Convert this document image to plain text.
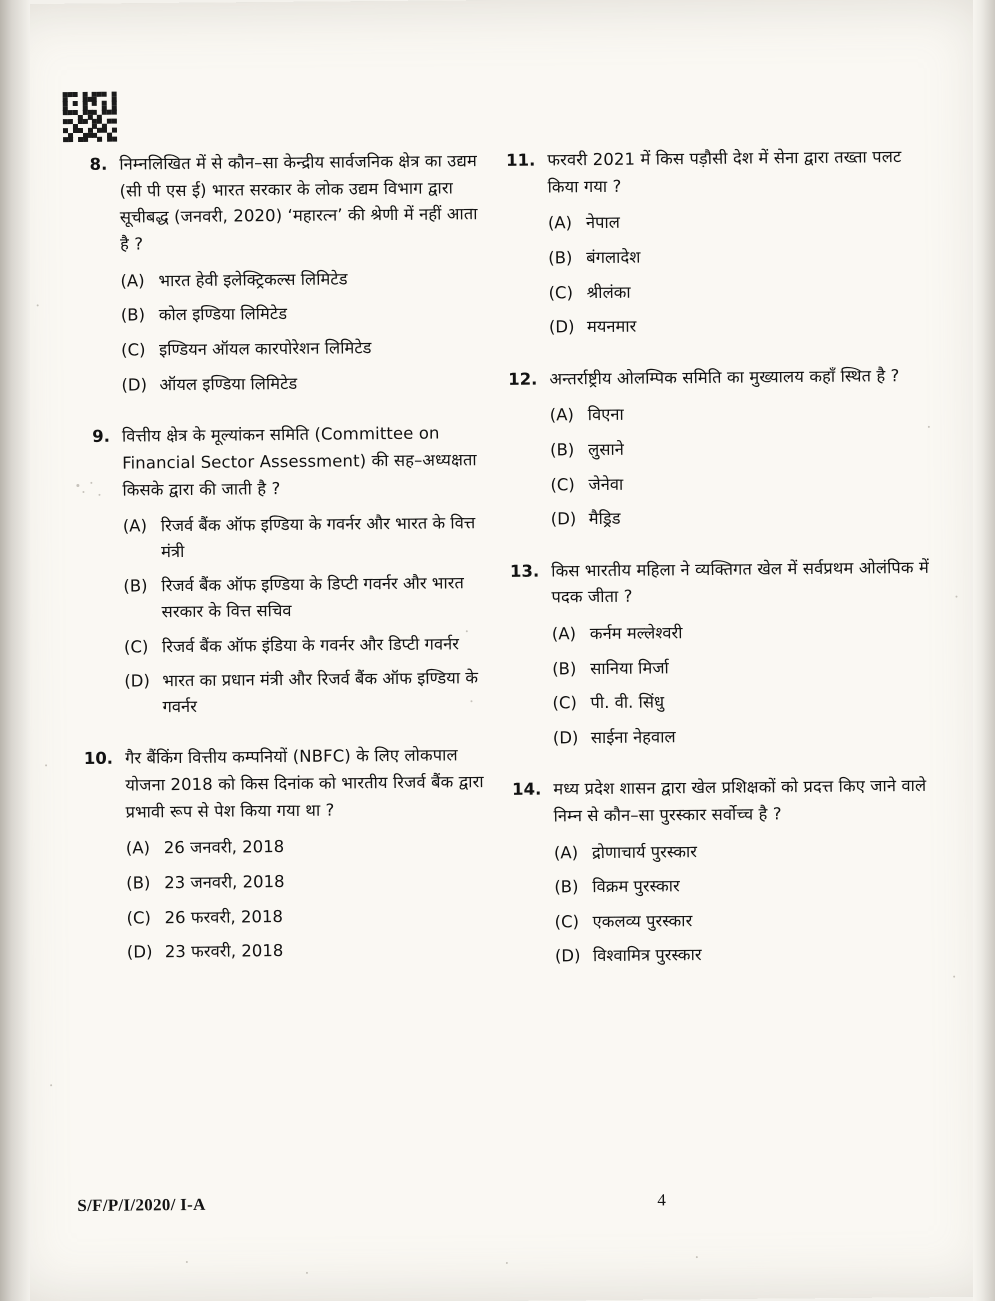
8. निम्नलिखित में से कौन–सा केन्द्रीय सार्वजनिक क्षेत्र का उद्यम (सी पी एस ई) भारत सरकार के लोक उद्यम विभाग द्वारा सूचीबद्ध (जनवरी, 2020) ‘महारत्न’ की श्रेणी में नहीं आता है ?
(A) भारत हेवी इलेक्ट्रिकल्स लिमिटेड
(B) कोल इण्डिया लिमिटेड
(C) इण्डियन ऑयल कारपोरेशन लिमिटेड
(D) ऑयल इण्डिया लिमिटेड
9. वित्तीय क्षेत्र के मूल्यांकन समिति (Committee on Financial Sector Assessment) की सह–अध्यक्षता किसके द्वारा की जाती है ?
(A) रिजर्व बैंक ऑफ इण्डिया के गवर्नर और भारत के वित्त मंत्री
(B) रिजर्व बैंक ऑफ इण्डिया के डिप्टी गवर्नर और भारत सरकार के वित्त सचिव
(C) रिजर्व बैंक ऑफ इंडिया के गवर्नर और डिप्टी गवर्नर
(D) भारत का प्रधान मंत्री और रिजर्व बैंक ऑफ इण्डिया के गवर्नर
10. गैर बैंकिंग वित्तीय कम्पनियों (NBFC) के लिए लोकपाल योजना 2018 को किस दिनांक को भारतीय रिजर्व बैंक द्वारा प्रभावी रूप से पेश किया गया था ?
(A) 26 जनवरी, 2018
(B) 23 जनवरी, 2018
(C) 26 फरवरी, 2018
(D) 23 फरवरी, 2018
11. फरवरी 2021 में किस पड़ौसी देश में सेना द्वारा तख्ता पलट किया गया ?
(A) नेपाल
(B) बंगलादेश
(C) श्रीलंका
(D) मयनमार
12. अन्तर्राष्ट्रीय ओलम्पिक समिति का मुख्यालय कहाँ स्थित है ?
(A) विएना
(B) लुसाने
(C) जेनेवा
(D) मैड्रिड
13. किस भारतीय महिला ने व्यक्तिगत खेल में सर्वप्रथम ओलंपिक में पदक जीता ?
(A) कर्नम मल्लेश्वरी
(B) सानिया मिर्जा
(C) पी. वी. सिंधु
(D) साईना नेहवाल
14. मध्य प्रदेश शासन द्वारा खेल प्रशिक्षकों को प्रदत्त किए जाने वाले निम्न से कौन–सा पुरस्कार सर्वोच्च है ?
(A) द्रोणाचार्य पुरस्कार
(B) विक्रम पुरस्कार
(C) एकलव्य पुरस्कार
(D) विश्वामित्र पुरस्कार
S/F/P/I/2020/ I-A	4
